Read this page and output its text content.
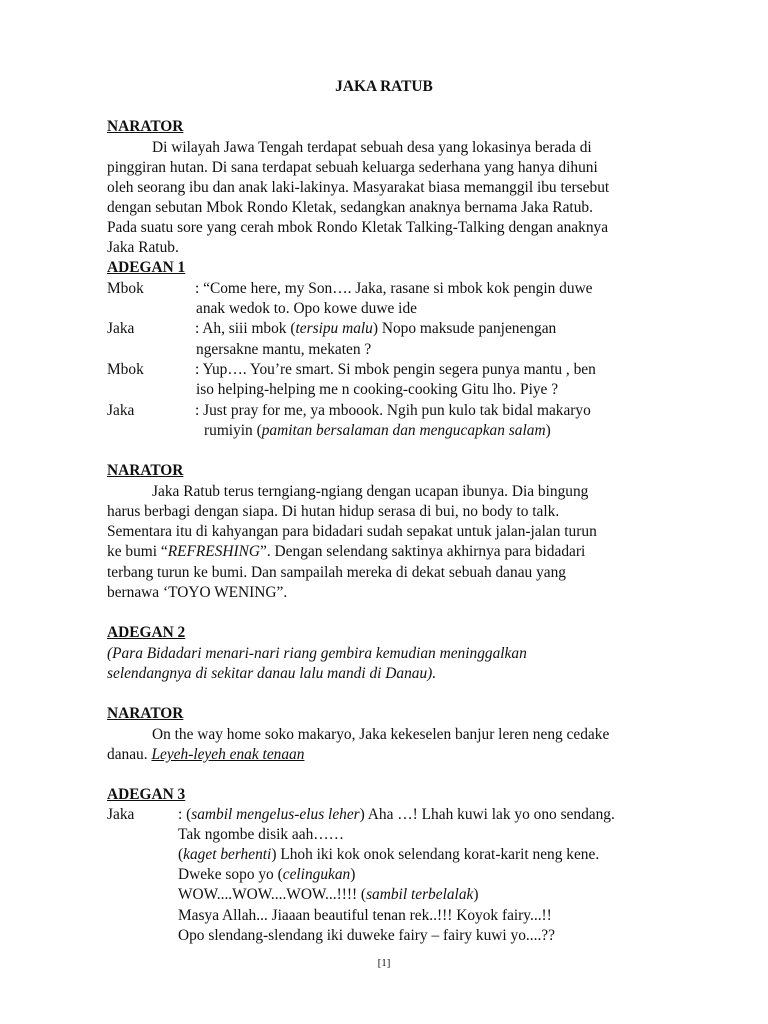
JAKA RATUB
NARATOR
Di wilayah Jawa Tengah terdapat sebuah desa yang lokasinya berada di
pinggiran hutan. Di sana terdapat sebuah keluarga sederhana yang hanya dihuni
oleh seorang ibu dan anak laki-lakinya. Masyarakat biasa memanggil ibu tersebut
dengan sebutan Mbok Rondo Kletak, sedangkan anaknya bernama Jaka Ratub.
Pada suatu sore yang cerah mbok Rondo Kletak Talking-Talking dengan anaknya
Jaka Ratub.
ADEGAN 1
Mbok	: “Come here, my Son…. Jaka, rasane si mbok kok pengin duwe
anak wedok to. Opo kowe duwe ide
Jaka	: Ah, siii mbok (tersipu malu) Nopo maksude panjenengan
ngersakne mantu, mekaten ?
Mbok	: Yup…. You’re smart. Si mbok pengin segera punya mantu , ben
iso helping-helping me n cooking-cooking Gitu lho. Piye ?
Jaka	: Just pray for me, ya mboook. Ngih pun kulo tak bidal makaryo
rumiyin (pamitan bersalaman dan mengucapkan salam)
NARATOR
Jaka Ratub terus terngiang-ngiang dengan ucapan ibunya. Dia bingung
harus berbagi dengan siapa. Di hutan hidup serasa di bui, no body to talk.
Sementara itu di kahyangan para bidadari sudah sepakat untuk jalan-jalan turun
ke bumi “REFRESHING”. Dengan selendang saktinya akhirnya para bidadari
terbang turun ke bumi. Dan sampailah mereka di dekat sebuah danau yang
bernawa ‘TOYO WENING”.
ADEGAN 2
(Para Bidadari menari-nari riang gembira kemudian meninggalkan
selendangnya di sekitar danau lalu mandi di Danau).
NARATOR
On the way home soko makaryo, Jaka kekeselen banjur leren neng cedake
danau. Leyeh-leyeh enak tenaan
ADEGAN 3
Jaka	: (sambil mengelus-elus leher) Aha …! Lhah kuwi lak yo ono sendang.
Tak ngombe disik aah……
(kaget berhenti) Lhoh iki kok onok selendang korat-karit neng kene.
Dweke sopo yo (celingukan)
WOW....WOW....WOW...!!!! (sambil terbelalak)
Masya Allah... Jiaaan beautiful tenan rek..!!! Koyok fairy...!!
Opo slendang-slendang iki duweke fairy – fairy kuwi yo....??
[1]
